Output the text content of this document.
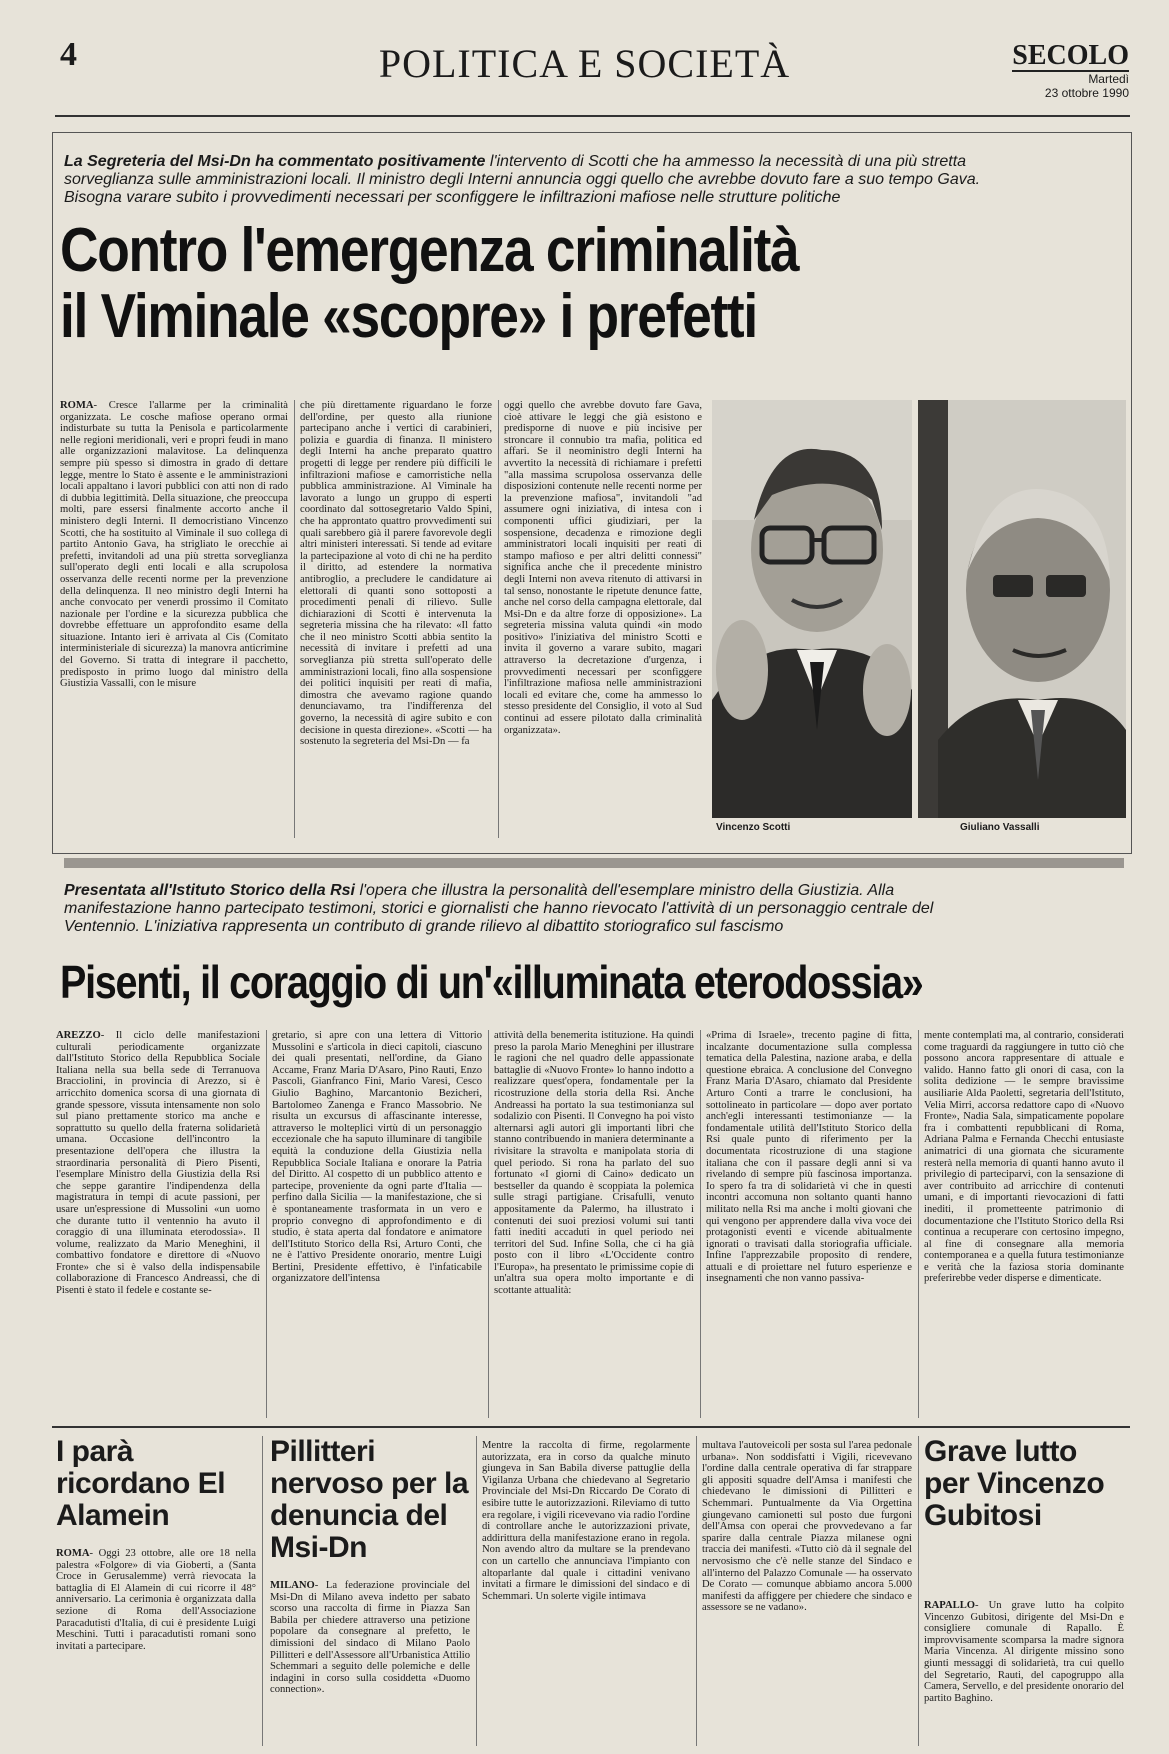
4	POLITICA E SOCIETÀ	SECOLO
Martedì
23 ottobre 1990
La Segreteria del Msi-Dn ha commentato positivamente l'intervento di Scotti che ha ammesso la necessità di una più stretta sorveglianza sulle amministrazioni locali. Il ministro degli Interni annuncia oggi quello che avrebbe dovuto fare a suo tempo Gava. Bisogna varare subito i provvedimenti necessari per sconfiggere le infiltrazioni mafiose nelle strutture politiche
Contro l'emergenza criminalità
il Viminale «scopre» i prefetti

ROMA- Cresce l'allarme per la criminalità organizzata. Le cosche mafiose operano ormai indisturbate su tutta la Penisola e particolarmente nelle regioni meridionali, veri e propri feudi in mano alle organizzazioni malavitose. La delinquenza sempre più spesso si dimostra in grado di dettare legge, mentre lo Stato è assente e le amministrazioni locali appaltano i lavori pubblici con atti non di rado di dubbia legittimità. Della situazione, che preoccupa molti, pare essersi finalmente accorto anche il ministero degli Interni. Il democristiano Vincenzo Scotti, che ha sostituito al Viminale il suo collega di partito Antonio Gava, ha strigliato le orecchie ai prefetti, invitandoli ad una più stretta sorveglianza sull'operato degli enti locali e alla scrupolosa osservanza delle recenti norme per la prevenzione della delinquenza. Il neo ministro degli Interni ha anche convocato per venerdì prossimo il Comitato nazionale per l'ordine e la sicurezza pubblica che dovrebbe effettuare un approfondito esame della situazione. Intanto ieri è arrivata al Cis (Comitato interministeriale di sicurezza) la manovra anticrimine del Governo. Si tratta di integrare il pacchetto, predisposto in primo luogo dal ministro della Giustizia Vassalli, con le misure

che più direttamente riguardano le forze dell'ordine, per questo alla riunione partecipano anche i vertici di carabinieri, polizia e guardia di finanza. Il ministero degli Interni ha anche preparato quattro progetti di legge per rendere più difficili le infiltrazioni mafiose e camorristiche nella pubblica amministrazione. Al Viminale ha lavorato a lungo un gruppo di esperti coordinato dal sottosegretario Valdo Spini, che ha approntato quattro provvedimenti sui quali sarebbero già il parere favorevole degli altri ministeri interessati. Si tende ad evitare la partecipazione al voto di chi ne ha perdito il diritto, ad estendere la normativa antibroglio, a precludere le candidature ai elettorali di quanti sono sottoposti a procedimenti penali di rilievo. Sulle dichiarazioni di Scotti è intervenuta la segreteria missina che ha rilevato: «Il fatto che il neo ministro Scotti abbia sentito la necessità di invitare i prefetti ad una sorveglianza più stretta sull'operato delle amministrazioni locali, fino alla sospensione dei politici inquisiti per reati di mafia, dimostra che avevamo ragione quando denunciavamo, tra l'indifferenza del governo, la necessità di agire subito e con decisione in questa direzione». «Scotti — ha sostenuto la segreteria del Msi-Dn — fa

oggi quello che avrebbe dovuto fare Gava, cioè attivare le leggi che già esistono e predisporne di nuove e più incisive per stroncare il connubio tra mafia, politica ed affari. Se il neoministro degli Interni ha avvertito la necessità di richiamare i prefetti "alla massima scrupolosa osservanza delle disposizioni contenute nelle recenti norme per la prevenzione mafiosa", invitandoli "ad assumere ogni iniziativa, di intesa con i componenti uffici giudiziari, per la sospensione, decadenza e rimozione degli amministratori locali inquisiti per reati di stampo mafioso e per altri delitti connessi" significa anche che il precedente ministro degli Interni non aveva ritenuto di attivarsi in tal senso, nonostante le ripetute denunce fatte, anche nel corso della campagna elettorale, dal Msi-Dn e da altre forze di opposizione». La segreteria missina valuta quindi «in modo positivo» l'iniziativa del ministro Scotti e invita il governo a varare subito, magari attraverso la decretazione d'urgenza, i provvedimenti necessari per sconfiggere l'infiltrazione mafiosa nelle amministrazioni locali ed evitare che, come ha ammesso lo stesso presidente del Consiglio, il voto al Sud continui ad essere pilotato dalla criminalità organizzata».

Vincenzo Scotti	Giuliano Vassalli
Presentata all'Istituto Storico della Rsi l'opera che illustra la personalità dell'esemplare ministro della Giustizia. Alla manifestazione hanno partecipato testimoni, storici e giornalisti che hanno rievocato l'attività di un personaggio centrale del Ventennio. L'iniziativa rappresenta un contributo di grande rilievo al dibattito storiografico sul fascismo
Pisenti, il coraggio di un'«illuminata eterodossia»

AREZZO- Il ciclo delle manifestazioni culturali periodicamente organizzate dall'Istituto Storico della Repubblica Sociale Italiana nella sua bella sede di Terranuova Bracciolini, in provincia di Arezzo, si è arricchito domenica scorsa di una giornata di grande spessore, vissuta intensamente non solo sul piano prettamente storico ma anche e soprattutto su quello della fraterna solidarietà umana. Occasione dell'incontro la presentazione dell'opera che illustra la straordinaria personalità di Piero Pisenti, l'esemplare Ministro della Giustizia della Rsi che seppe garantire l'indipendenza della magistratura in tempi di acute passioni, per usare un'espressione di Mussolini «un uomo che durante tutto il ventennio ha avuto il coraggio di una illuminata eterodossia». Il volume, realizzato da Mario Meneghini, il combattivo fondatore e direttore di «Nuovo Fronte» che si è valso della indispensabile collaborazione di Francesco Andreassi, che di Pisenti è stato il fedele e costante se-

gretario, si apre con una lettera di Vittorio Mussolini e s'articola in dieci capitoli, ciascuno dei quali presentati, nell'ordine, da Giano Accame, Franz Maria D'Asaro, Pino Rauti, Enzo Pascoli, Gianfranco Fini, Mario Varesi, Cesco Giulio Baghino, Marcantonio Bezicheri, Bartolomeo Zanenga e Franco Massobrio. Ne risulta un excursus di affascinante interesse, attraverso le molteplici virtù di un personaggio eccezionale che ha saputo illuminare di tangibile equità la conduzione della Giustizia nella Repubblica Sociale Italiana e onorare la Patria del Diritto. Al cospetto di un pubblico attento e partecipe, proveniente da ogni parte d'Italia — perfino dalla Sicilia — la manifestazione, che si è spontaneamente trasformata in un vero e proprio convegno di approfondimento e di studio, è stata aperta dal fondatore e animatore dell'Istituto Storico della Rsi, Arturo Conti, che ne è l'attivo Presidente onorario, mentre Luigi Bertini, Presidente effettivo, è l'infaticabile organizzatore dell'intensa

attività della benemerita istituzione. Ha quindi preso la parola Mario Meneghini per illustrare le ragioni che nel quadro delle appassionate battaglie di «Nuovo Fronte» lo hanno indotto a realizzare quest'opera, fondamentale per la ricostruzione della storia della Rsi. Anche Andreassi ha portato la sua testimonianza sul sodalizio con Pisenti. Il Convegno ha poi visto alternarsi agli autori gli importanti libri che stanno contribuendo in maniera determinante a rivisitare la stravolta e manipolata storia di quel periodo. Si rona ha parlato del suo fortunato «I giorni di Caino» dedicato un bestseller da quando è scoppiata la polemica sulle stragi partigiane. Crisafulli, venuto appositamente da Palermo, ha illustrato i contenuti dei suoi preziosi volumi sui tanti fatti inediti accaduti in quel periodo nei territori del Sud. Infine Solla, che ci ha già posto con il libro «L'Occidente contro l'Europa», ha presentato le primissime copie di un'altra sua opera molto importante e di scottante attualità:

«Prima di Israele», trecento pagine di fitta, incalzante documentazione sulla complessa tematica della Palestina, nazione araba, e della questione ebraica. A conclusione del Convegno Franz Maria D'Asaro, chiamato dal Presidente Arturo Conti a trarre le conclusioni, ha sottolineato in particolare — dopo aver portato anch'egli interessanti testimonianze — la fondamentale utilità dell'Istituto Storico della Rsi quale punto di riferimento per la documentata ricostruzione di una stagione italiana che con il passare degli anni si va rivelando di sempre più fascinosa importanza. Io spero fa tra di solidarietà vi che in questi incontri accomuna non soltanto quanti hanno militato nella Rsi ma anche i molti giovani che qui vengono per apprendere dalla viva voce dei protagonisti eventi e vicende abitualmente ignorati o travisati dalla storiografia ufficiale. Infine l'apprezzabile proposito di rendere, attuali e di proiettare nel futuro esperienze e insegnamenti che non vanno passiva-

mente contemplati ma, al contrario, considerati come traguardi da raggiungere in tutto ciò che possono ancora rappresentare di attuale e valido. Hanno fatto gli onori di casa, con la solita dedizione — le sempre bravissime ausiliarie Alda Paoletti, segretaria dell'Istituto, Velia Mirri, accorsa redattore capo di «Nuovo Fronte», Nadia Sala, simpaticamente popolare fra i combattenti repubblicani di Roma, Adriana Palma e Fernanda Checchi entusiaste animatrici di una giornata che sicuramente resterà nella memoria di quanti hanno avuto il privilegio di parteciparvi, con la sensazione di aver contribuito ad arricchire di contenuti umani, e di importanti rievocazioni di fatti inediti, il prometteente patrimonio di documentazione che l'Istituto Storico della Rsi continua a recuperare con certosino impegno, al fine di consegnare alla memoria contemporanea e a quella futura testimonianze e verità che la faziosa storia dominante preferirebbe veder disperse e dimenticate.

I parà ricordano El Alamein

ROMA- Oggi 23 ottobre, alle ore 18 nella palestra «Folgore» di via Gioberti, a (Santa Croce in Gerusalemme) verrà rievocata la battaglia di El Alamein di cui ricorre il 48° anniversario. La cerimonia è organizzata dalla sezione di Roma dell'Associazione Paracadutisti d'Italia, di cui è presidente Luigi Meschini. Tutti i paracadutisti romani sono invitati a partecipare.

Pillitteri nervoso per la denuncia del Msi-Dn

MILANO- La federazione provinciale del Msi-Dn di Milano aveva indetto per sabato scorso una raccolta di firme in Piazza San Babila per chiedere attraverso una petizione popolare da consegnare al prefetto, le dimissioni del sindaco di Milano Paolo Pillitteri e dell'Assessore all'Urbanistica Attilio Schemmari a seguito delle polemiche e delle indagini in corso sulla cosiddetta «Duomo connection».

Mentre la raccolta di firme, regolarmente autorizzata, era in corso da qualche minuto giungeva in San Babila diverse pattuglie della Vigilanza Urbana che chiedevano al Segretario Provinciale del Msi-Dn Riccardo De Corato di esibire tutte le autorizzazioni. Rileviamo di tutto era regolare, i vigili ricevevano via radio l'ordine di controllare anche le autorizzazioni private, addirittura della manifestazione erano in regola. Non avendo altro da multare se la prendevano con un cartello che annunciava l'impianto con altoparlante dal quale i cittadini venivano invitati a firmare le dimissioni del sindaco e di Schemmari. Un solerte vigile intimava

multava l'autoveicoli per sosta sul l'area pedonale urbana». Non soddisfatti i Vigili, ricevevano l'ordine dalla centrale operativa di far strappare gli appositi squadre dell'Amsa i manifesti che chiedevano le dimissioni di Pillitteri e Schemmari. Puntualmente da Via Orgettina giungevano camionetti sul posto due furgoni dell'Amsa con operai che provvedevano a far sparire dalla centrale Piazza milanese ogni traccia dei manifesti. «Tutto ciò dà il segnale del nervosismo che c'è nelle stanze del Sindaco e all'interno del Palazzo Comunale — ha osservato De Corato — comunque abbiamo ancora 5.000 manifesti da affiggere per chiedere che sindaco e assessore se ne vadano».

Grave lutto per Vincenzo Gubitosi

RAPALLO- Un grave lutto ha colpito Vincenzo Gubitosi, dirigente del Msi-Dn e consigliere comunale di Rapallo. È improvvisamente scomparsa la madre signora Maria Vincenza. Al dirigente missino sono giunti messaggi di solidarietà, tra cui quello del Segretario, Rauti, del capogruppo alla Camera, Servello, e del presidente onorario del partito Baghino.
